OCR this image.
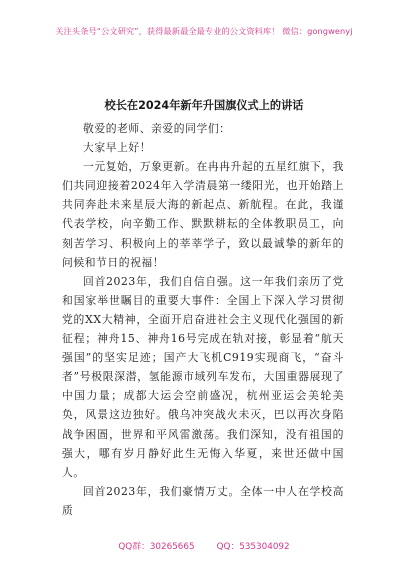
关注头条号“公文研究”，获得最新最全最专业的公文资料库！ 微信：gongwenyj
校长在2024年新年升国旗仪式上的讲话

敬爱的老师、亲爱的同学们：

大家早上好！

一元复始，万象更新。在冉冉升起的五星红旗下，我们共同迎接着2024年入学清晨第一缕阳光，也开始踏上共同奔赴未来星辰大海的新起点、新航程。在此，我谨代表学校，向辛勤工作、默默耕耘的全体教职员工，向刻苦学习、积极向上的莘莘学子，致以最诚挚的新年的问候和节日的祝福！

回首2023年，我们自信自强。这一年我们亲历了党和国家举世瞩目的重要大事件：全国上下深入学习贯彻党的XX大精神，全面开启奋进社会主义现代化强国的新征程；神舟15、神舟16号完成在轨对接，彰显着“航天强国”的坚实足迹；国产大飞机C919实现商飞，“奋斗者”号极限深潜，氢能源市域列车发布，大国重器展现了中国力量；成都大运会空前盛况，杭州亚运会美轮美奂，风景这边独好。俄乌冲突战火未灭，巴以再次身陷战争困圄，世界和平风雷激荡。我们深知，没有祖国的强大，哪有岁月静好此生无悔入华夏，来世还做中国人。

回首2023年，我们豪情万丈。全体一中人在学校高质

QQ群：30265665	QQ：535304092
